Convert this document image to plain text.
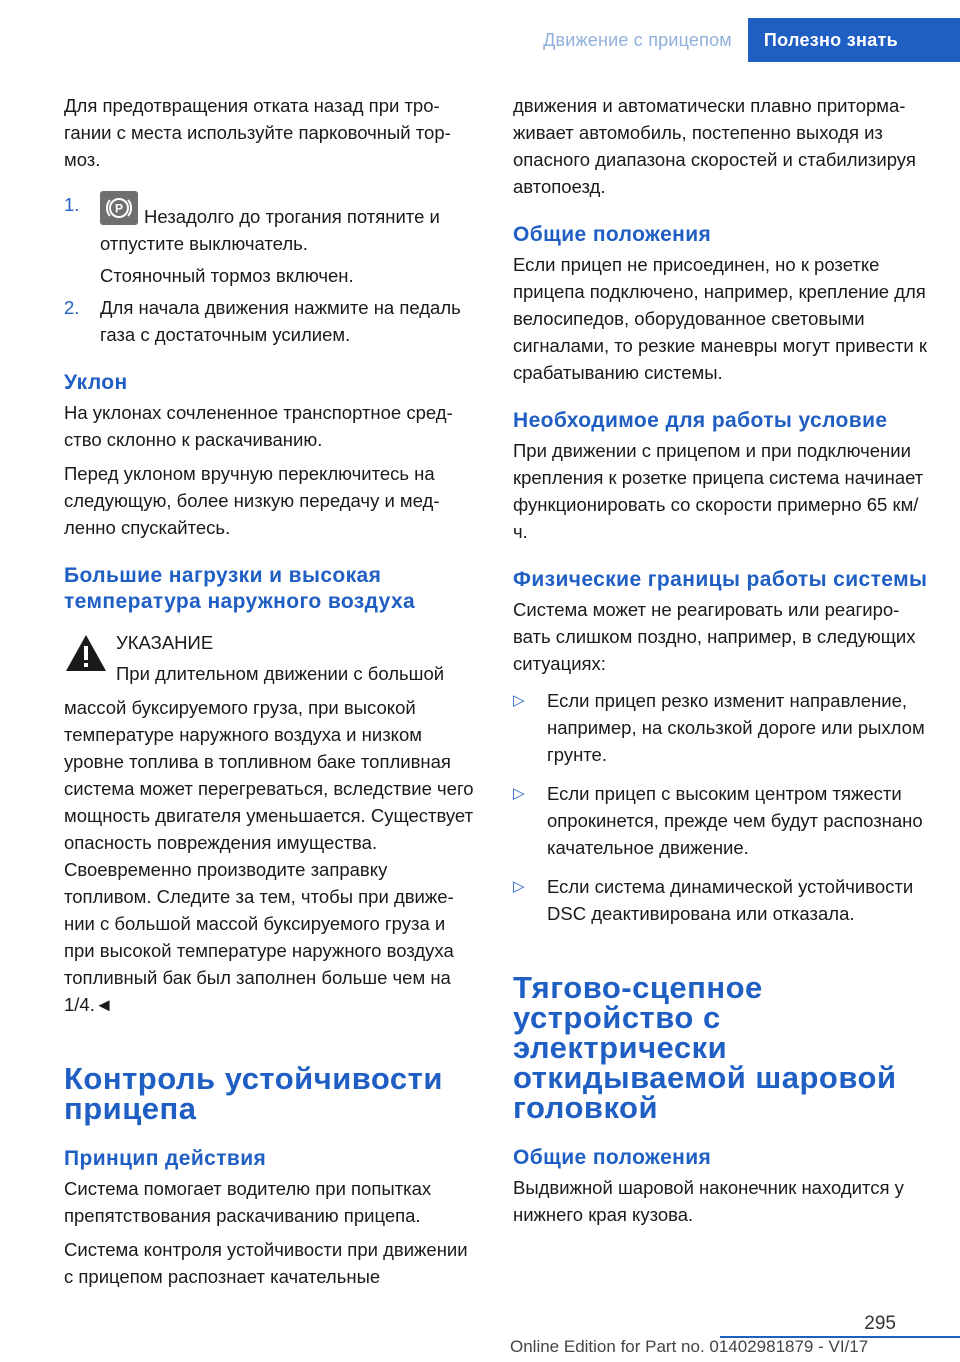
Движение с прицепом	Полезно знать

Для предотвращения отката назад при трогании с места используйте парковочный тормоз.

1.	P Незадолго до трогания потяните и отпустите выключатель.

Стояночный тормоз включен.

2. Для начала движения нажмите на педаль газа с достаточным усилием.

Уклон

На уклонах сочлененное транспортное средство склонно к раскачиванию.

Перед уклоном вручную переключитесь на следующую, более низкую передачу и медленно спускайтесь.

Большие нагрузки и высокая температура наружного воздуха

УКАЗАНИЕ

При длительном движении с большой

массой буксируемого груза, при высокой температуре наружного воздуха и низком уровне топлива в топливном баке топливная система может перегреваться, вследствие чего мощность двигателя уменьшается. Существует опасность повреждения имущества. Своевременно производите заправку топливом. Следите за тем, чтобы при движении с большой массой буксируемого груза и при высокой температуре наружного воздуха топливный бак был заполнен больше чем на 1/4.◄

Контроль устойчивости прицепа
Принцип действия

Система помогает водителю при попытках препятствования раскачиванию прицепа.

Система контроля устойчивости при движении с прицепом распознает качательные

движения и автоматически плавно притормаживает автомобиль, постепенно выходя из опасного диапазона скоростей и стабилизируя автопоезд.

Общие положения

Если прицеп не присоединен, но к розетке прицепа подключено, например, крепление для велосипедов, оборудованное световыми сигналами, то резкие маневры могут привести к срабатыванию системы.

Необходимое для работы условие

При движении с прицепом и при подключении крепления к розетке прицепа система начинает функционировать со скорости примерно 65 км/ч.

Физические границы работы системы

Система может не реагировать или реагировать слишком поздно, например, в следующих ситуациях:

▷ Если прицеп резко изменит направление, например, на скользкой дороге или рыхлом грунте.

▷ Если прицеп с высоким центром тяжести опрокинется, прежде чем будут распознано качательное движение.

▷ Если система динамической устойчивости DSC деактивирована или отказала.

Тягово-сцепное устройство с электрически откидываемой шаровой головкой
Общие положения

Выдвижной шаровой наконечник находится у нижнего края кузова.

295
Online Edition for Part no. 01402981879 - VI/17
